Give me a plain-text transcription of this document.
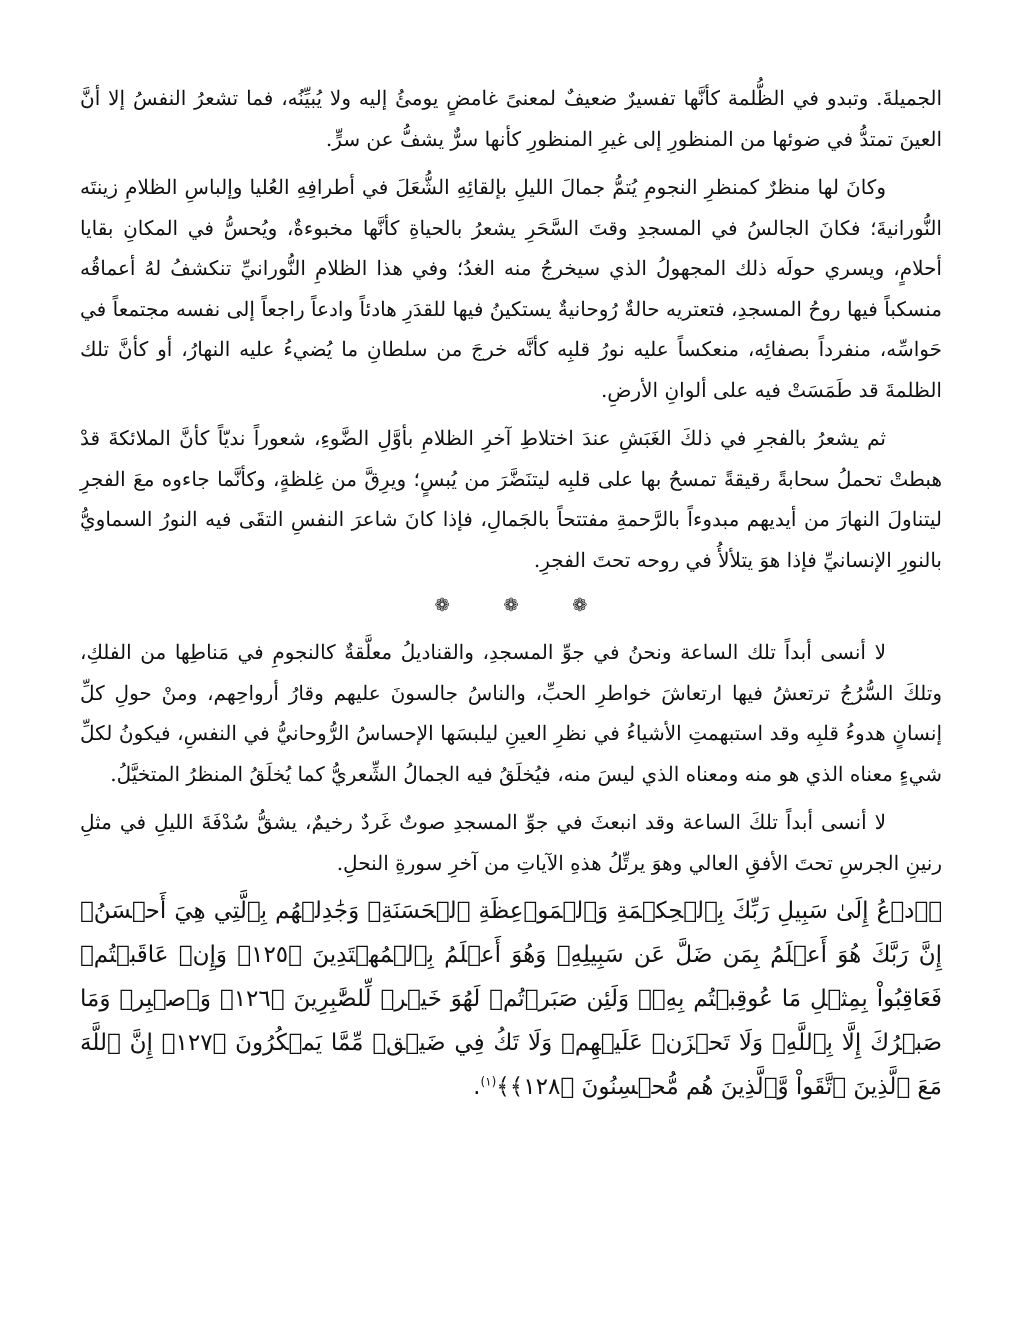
الجميلةَ. وتبدو في الظُّلمة كأنَّها تفسيرٌ ضعيفٌ لمعنىً غامضٍ يومئُ إليه ولا يُبيِّنُه، فما تشعرُ النفسُ إلا أنَّ العينَ تمتدُّ في ضوئها من المنظورِ إلى غيرِ المنظورِ كأنها سرٌّ يشفُّ عن سرٍّ.

وكانَ لها منظرٌ كمنظرِ النجومِ يُتمُّ جمالَ الليلِ بإلقائِهِ الشُّعَلَ في أطرافِهِ العُليا وإلباسِ الظلامِ زينتَه النُّورانيةَ؛ فكانَ الجالسُ في المسجدِ وقتَ السَّحَرِ يشعرُ بالحياةِ كأنَّها مخبوءةٌ، ويُحسُّ في المكانِ بقايا أحلامٍ، ويسري حولَه ذلك المجهولُ الذي سيخرجُ منه الغدُ؛ وفي هذا الظلامِ النُّورانيِّ تنكشفُ لهُ أعماقُه منسكباً فيها روحُ المسجدِ، فتعتريه حالةٌ رُوحانيةٌ يستكينُ فيها للقدَرِ هادئاً وادعاً راجعاً إلى نفسه مجتمعاً في حَواسِّه، منفرداً بصفائِه، منعكساً عليه نورُ قلبِه كأنَّه خرجَ من سلطانِ ما يُضيءُ عليه النهارُ، أو كأنَّ تلك الظلمةَ قد طَمَسَتْ فيه على ألوانِ الأرضِ.

ثم يشعرُ بالفجرِ في ذلكَ الغَبَشِ عندَ اختلاطِ آخرِ الظلامِ بأوَّلِ الضَّوءِ، شعوراً نديّاً كأنَّ الملائكةَ قدْ هبطتْ تحملُ سحابةً رقيقةً تمسحُ بها على قلبِه ليتنَضَّرَ من يُبسٍ؛ ويرِقَّ من غِلظةٍ، وكأنَّما جاءوه معَ الفجرِ ليتناولَ النهارَ من أيديهم مبدوءاً بالرَّحمةِ مفتتحاً بالجَمالِ، فإذا كانَ شاعرَ النفسِ التقَى فيه النورُ السماويُّ بالنورِ الإنسانيِّ فإذا هوَ يتلألأُ في روحه تحتَ الفجرِ.

❁ ❁ ❁

لا أنسى أبداً تلك الساعة ونحنُ في جوِّ المسجدِ، والقناديلُ معلَّقةٌ كالنجومِ في مَناطِها من الفلكِ، وتلكَ السُّرُجُ ترتعشُ فيها ارتعاشَ خواطرِ الحبِّ، والناسُ جالسونَ عليهم وقارُ أرواحِهم، ومنْ حولِ كلِّ إنسانٍ هدوءُ قلبِه وقد استبهمتِ الأشياءُ في نظرِ العينِ ليلبسَها الإحساسُ الرُّوحانيُّ في النفسِ، فيكونُ لكلِّ شيءٍ معناه الذي هو منه ومعناه الذي ليسَ منه، فيُخلَقُ فيه الجمالُ الشِّعريُّ كما يُخلَقُ المنظرُ المتخيَّلُ.

لا أنسى أبداً تلكَ الساعة وقد انبعثَ في جوِّ المسجدِ صوتٌ غَردٌ رخيمٌ، يشقُّ سُدْفَةَ الليلِ في مثلِ رنينِ الجرسِ تحتَ الأفقِ العالي وهوَ يرتِّلُ هذهِ الآياتِ من آخرِ سورةِ النحلِ.

﴿ٱدۡعُ إِلَىٰ سَبِيلِ رَبِّكَ بِٱلۡحِكۡمَةِ وَٱلۡمَوۡعِظَةِ ٱلۡحَسَنَةِۖ وَجَٰدِلۡهُم بِٱلَّتِي هِيَ أَحۡسَنُۚ إِنَّ رَبَّكَ هُوَ أَعۡلَمُ بِمَن ضَلَّ عَن سَبِيلِهِۦ وَهُوَ أَعۡلَمُ بِٱلۡمُهۡتَدِينَ ﴿١٢٥﴾ وَإِنۡ عَاقَبۡتُمۡ فَعَاقِبُواْ بِمِثۡلِ مَا عُوقِبۡتُم بِهِۦۖ وَلَئِن صَبَرۡتُمۡ لَهُوَ خَيۡرٞ لِّلصَّٰبِرِينَ ﴿١٢٦﴾ وَٱصۡبِرۡ وَمَا صَبۡرُكَ إِلَّا بِٱللَّهِۚ وَلَا تَحۡزَنۡ عَلَيۡهِمۡ وَلَا تَكُ فِي ضَيۡقٖ مِّمَّا يَمۡكُرُونَ ﴿١٢٧﴾ إِنَّ ٱللَّهَ مَعَ ٱلَّذِينَ ٱتَّقَواْ وَّٱلَّذِينَ هُم مُّحۡسِنُونَ ﴿١٢٨﴾﴾$^{(١)}$.
